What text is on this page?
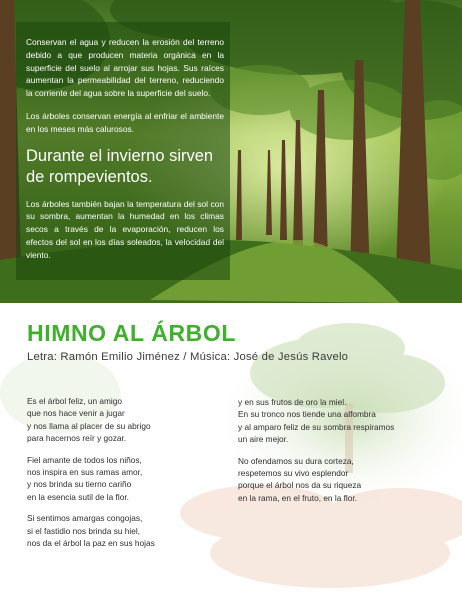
Conservan el agua y reducen la erosión del terreno debido a que producen materia orgánica en la superficie del suelo al arrojar sus hojas. Sus raíces aumentan la permeabilidad del terreno, reduciendo la corriente del agua sobre la superficie del suelo.

Los árboles conservan energía al enfriar el ambiente en los meses más calurosos.

Durante el invierno sirven de rompevientos.

Los árboles también bajan la temperatura del sol con su sombra, aumentan la humedad en los climas secos a través de la evaporación, reducen los efectos del sol en los días soleados, la velocidad del viento.

HIMNO AL ÁRBOL

Letra: Ramón Emilio Jiménez / Música: José de Jesús Ravelo

Es el árbol feliz, un amigo
que nos hace venir a jugar
y nos llama al placer de su abrigo
para hacernos reír y gozar.

Fiel amante de todos los niños,
nos inspira en sus ramas amor,
y nos brinda su tierno cariño
en la esencia sutil de la flor.

Si sentimos amargas congojas,
si el fastidio nos brinda su hiel,
nos da el árbol la paz en sus hojas

y en sus frutos de oro la miel.
En su tronco nos tiende una alfombra
y al amparo feliz de su sombra respiramos
un aire mejor.

No ofendamos su dura corteza,
respetemos su vivo esplendor
porque el árbol nos da su riqueza
en la rama, en el fruto, en la flor.
